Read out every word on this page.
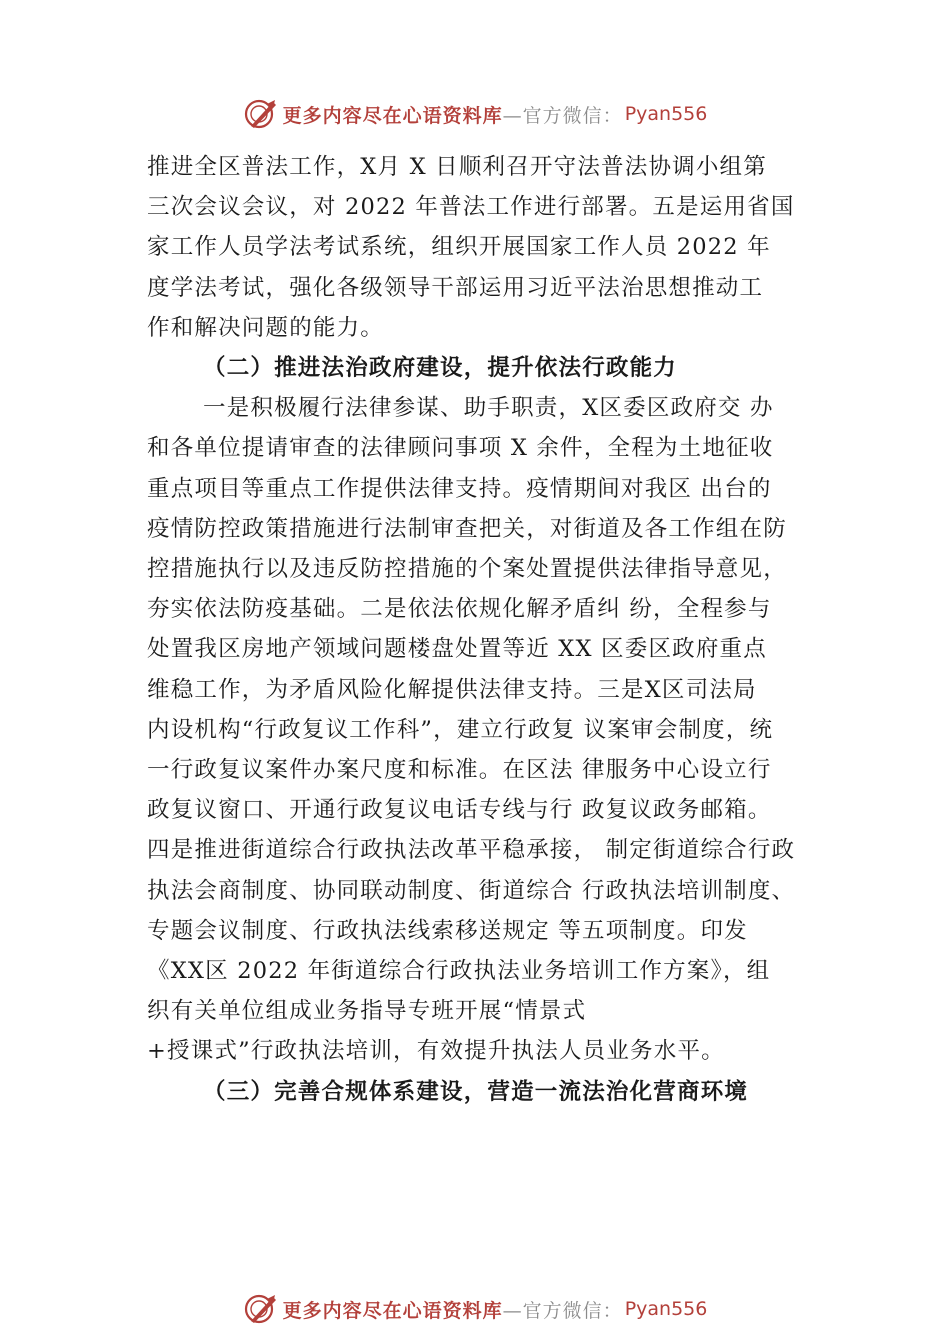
更多内容尽在心语资料库 —官方微信： Pyan556
推进全区普法工作，X月 X 日顺利召开守法普法协调小组第
三次会议会议，对 2022 年普法工作进行部署。五是运用省国
家工作人员学法考试系统，组织开展国家工作人员 2022 年
度学法考试，强化各级领导干部运用习近平法治思想推动工
作和解决问题的能力。
（二）推进法治政府建设，提升依法行政能力
一是积极履行法律参谋、助手职责，X区委区政府交 办
和各单位提请审查的法律顾问事项 X 余件，全程为土地征收
重点项目等重点工作提供法律支持。疫情期间对我区 出台的
疫情防控政策措施进行法制审查把关，对街道及各工作组在防
控措施执行以及违反防控措施的个案处置提供法律指导意见，
夯实依法防疫基础。二是依法依规化解矛盾纠 纷，全程参与
处置我区房地产领域问题楼盘处置等近 XX 区委区政府重点
维稳工作，为矛盾风险化解提供法律支持。三是X区司法局
内设机构“行政复议工作科”，建立行政复 议案审会制度，统
一行政复议案件办案尺度和标准。在区法 律服务中心设立行
政复议窗口、开通行政复议电话专线与行 政复议政务邮箱。
四是推进街道综合行政执法改革平稳承接， 制定街道综合行政
执法会商制度、协同联动制度、街道综合 行政执法培训制度、
专题会议制度、行政执法线索移送规定 等五项制度。印发
《XX区 2022 年街道综合行政执法业务培训工作方案》，组
织有关单位组成业务指导专班开展“情景式
+授课式”行政执法培训，有效提升执法人员业务水平。
（三）完善合规体系建设，营造一流法治化营商环境
更多内容尽在心语资料库 —官方微信： Pyan556
